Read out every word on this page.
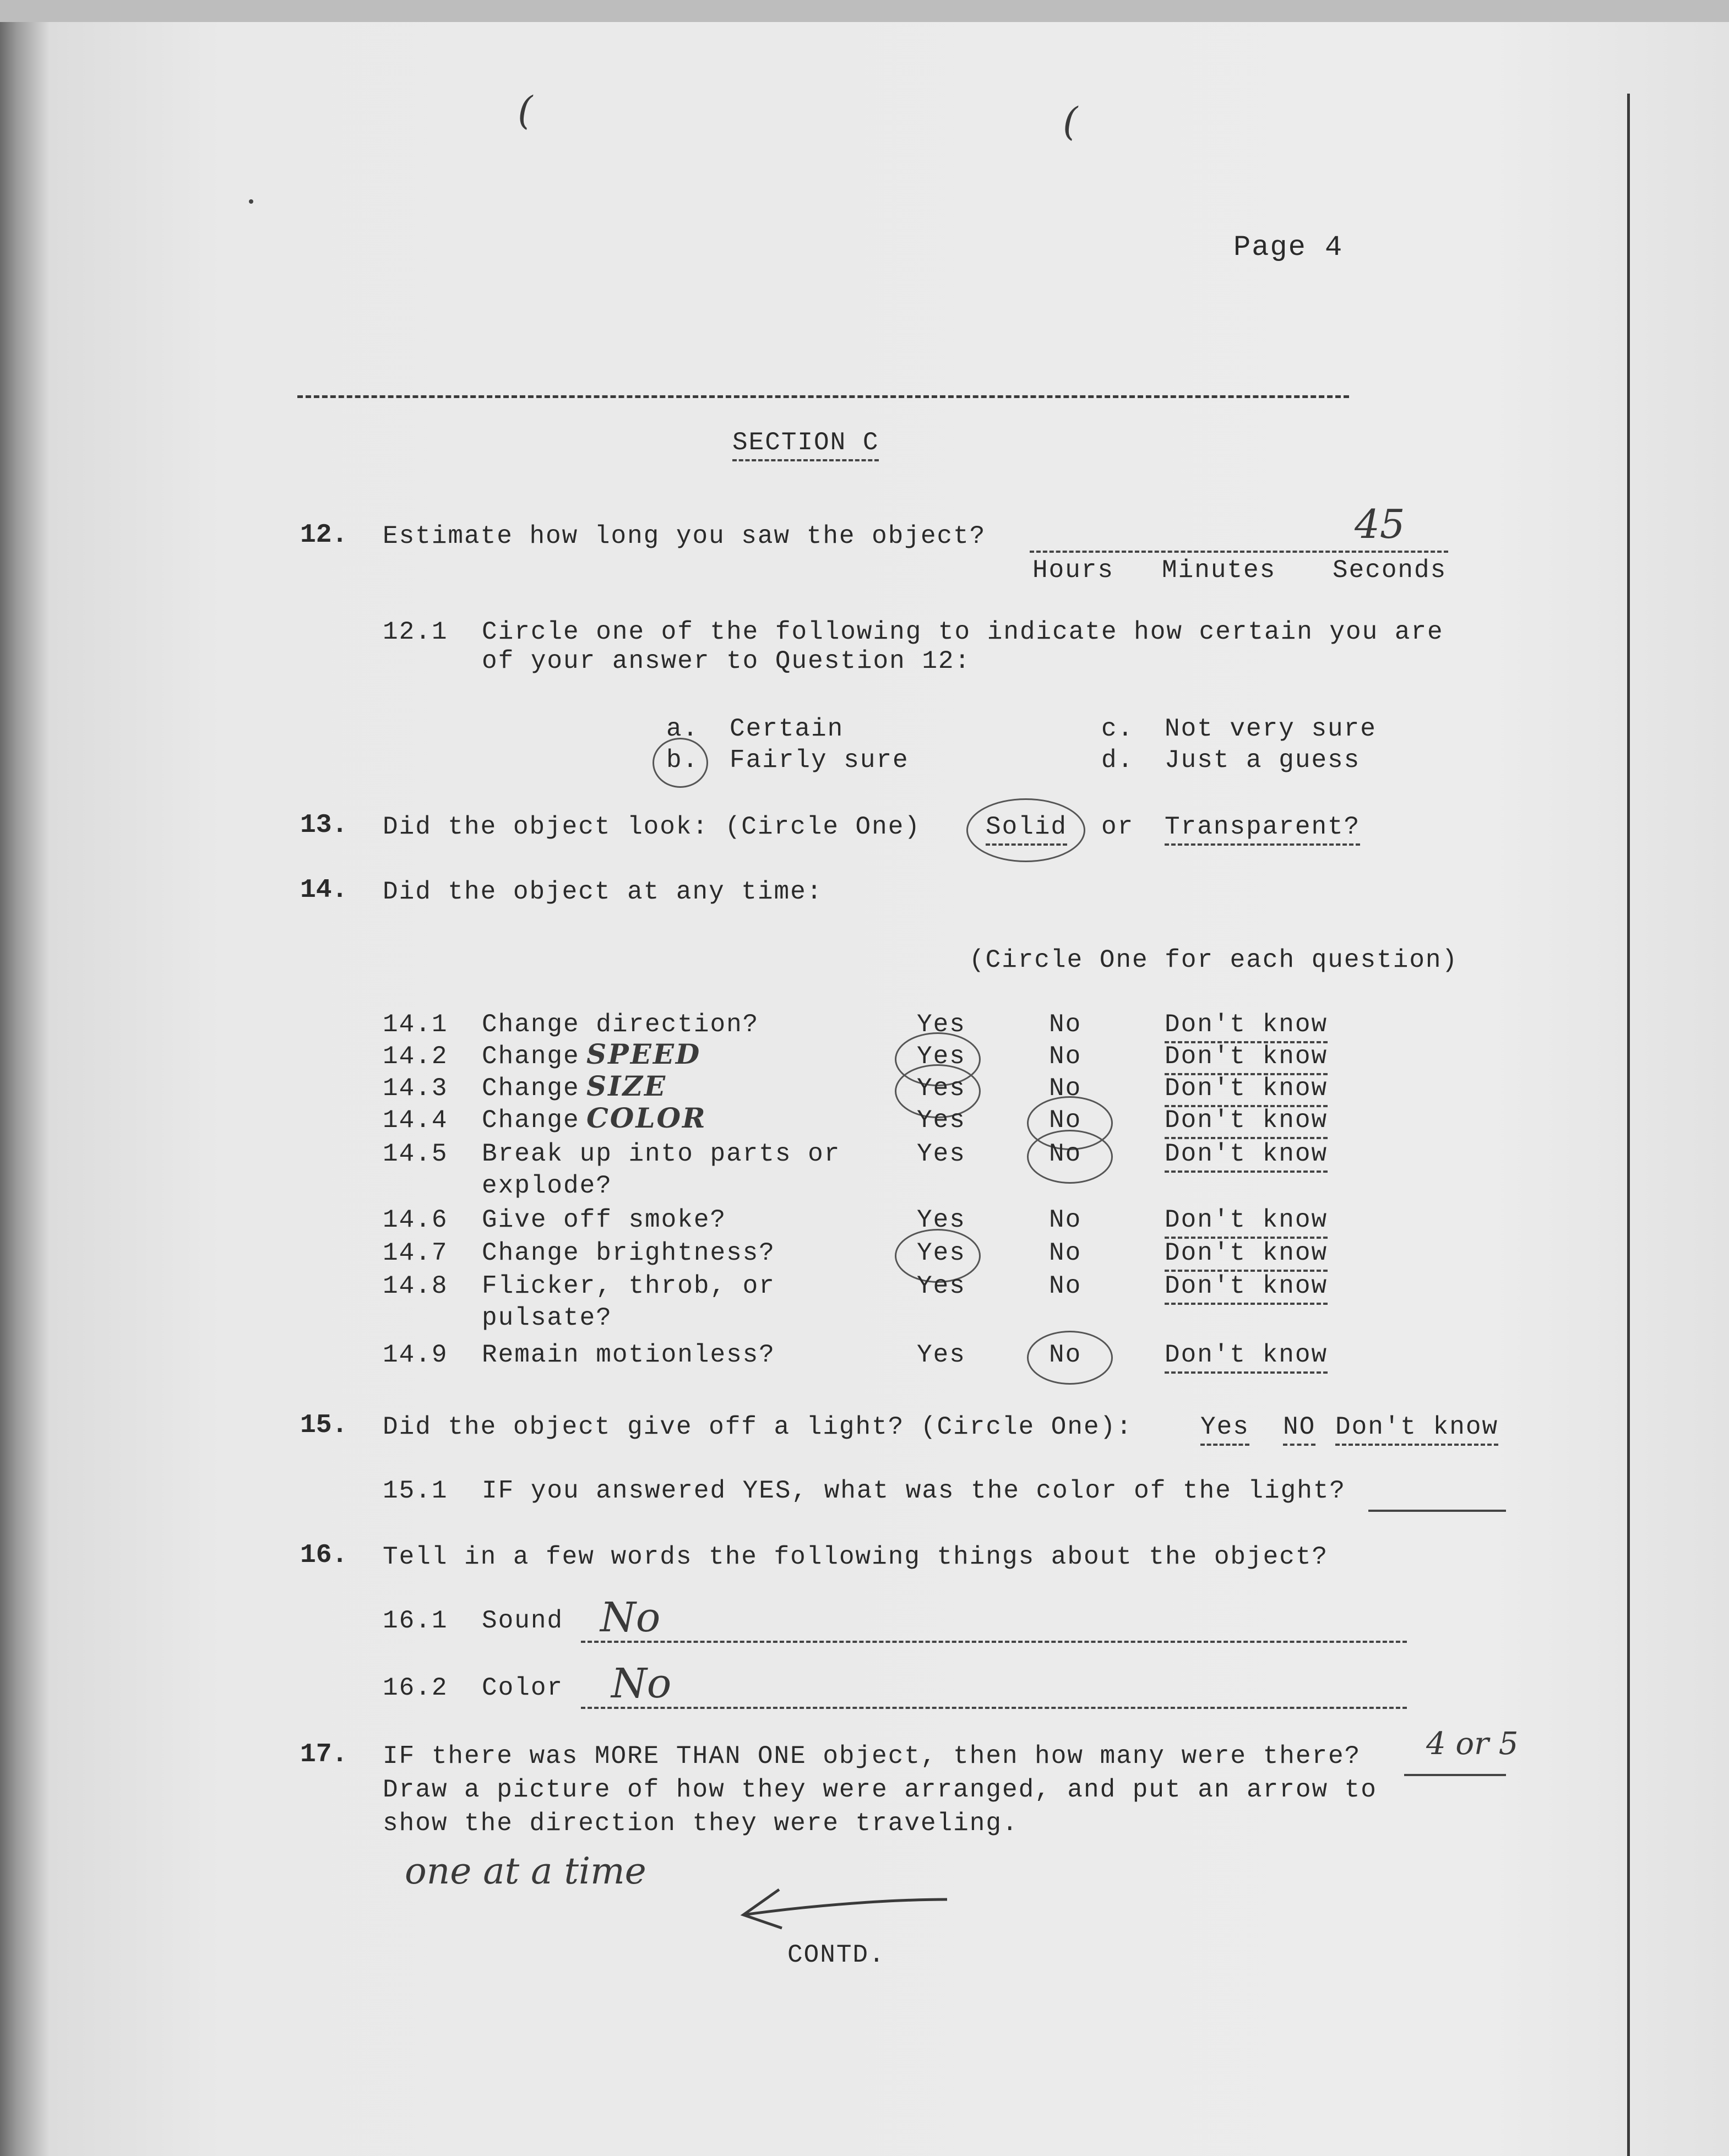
(	(
Page 4
SECTION C
12. Estimate how long you saw the object?	45
Hours Minutes Seconds
12.1 Circle one of the following to indicate how certain you are
of your answer to Question 12:
a. Certain
b. Fairly sure
c. Not very sure
d. Just a guess
13. Did the object look: (Circle One)	Solid or Transparent?
14. Did the object at any time:
(Circle One for each question)
14.1 Change direction?	Yes	No	Don't know
14.2 Change SPEED	Yes	No	Don't know
14.3 Change SIZE	Yes	No	Don't know
14.4 Change COLOR	Yes	No	Don't know
14.5 Break up into parts or
explode?
Yes	No	Don't know
14.6 Give off smoke?	Yes	No	Don't know
14.7 Change brightness?	Yes	No	Don't know
14.8 Flicker, throb, or
pulsate?
Yes	No	Don't know
14.9 Remain motionless?	Yes	No	Don't know
15. Did the object give off a light? (Circle One):	Yes NO Don't know
15.1 IF you answered YES, what was the color of the light?
16. Tell in a few words the following things about the object?
16.1 Sound No
16.2 Color No
17. IF there was MORE THAN ONE object, then how many were there? 4 or 5
Draw a picture of how they were arranged, and put an arrow to
show the direction they were traveling.
one at a time
CONTD.
